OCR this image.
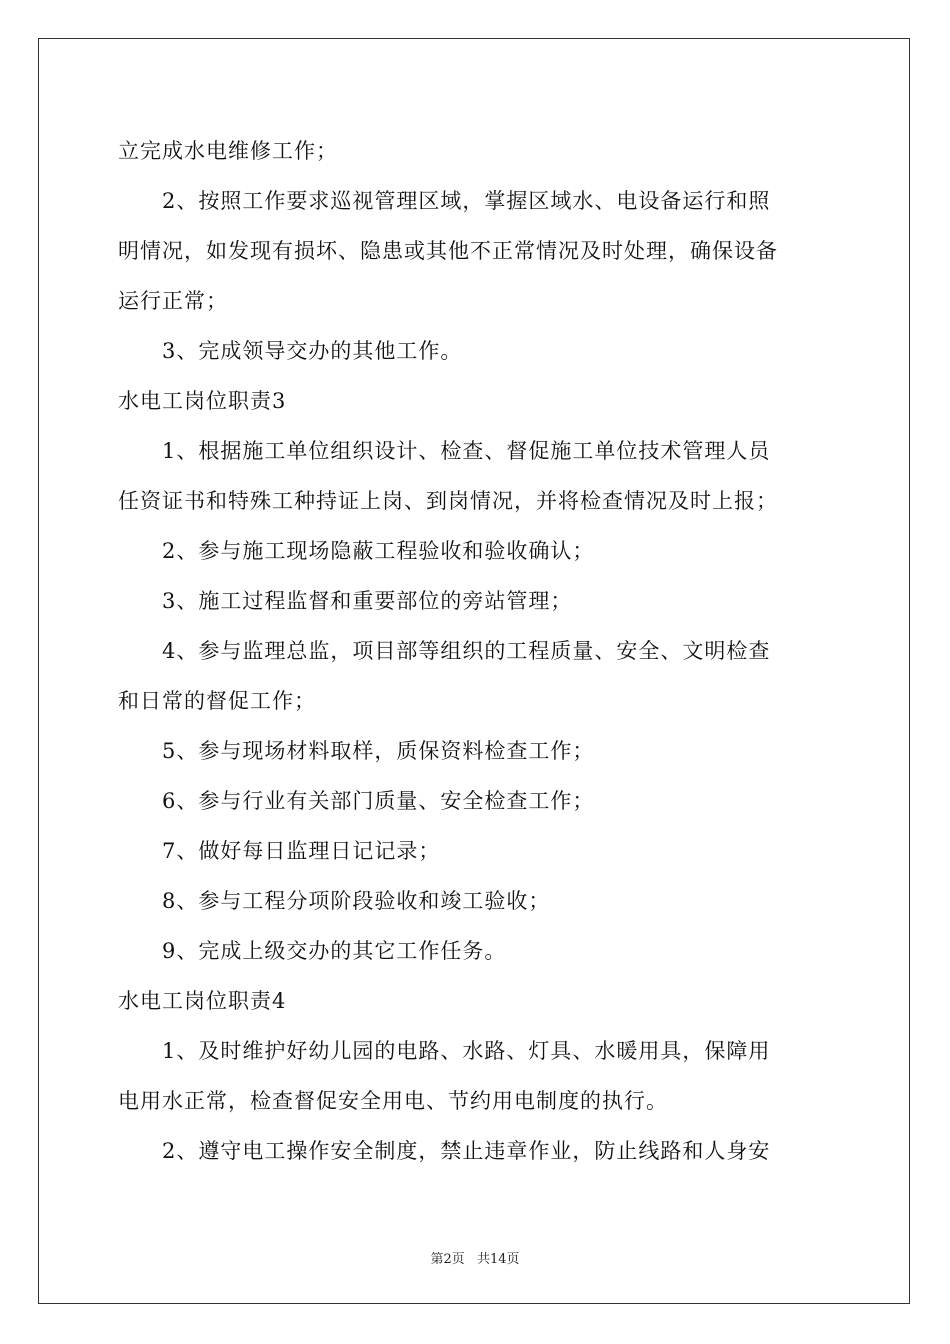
立完成水电维修工作；
2、按照工作要求巡视管理区域，掌握区域水、电设备运行和照
明情况，如发现有损坏、隐患或其他不正常情况及时处理，确保设备
运行正常；
3、完成领导交办的其他工作。
水电工岗位职责3
1、根据施工单位组织设计、检查、督促施工单位技术管理人员
任资证书和特殊工种持证上岗、到岗情况，并将检查情况及时上报；
2、参与施工现场隐蔽工程验收和验收确认；
3、施工过程监督和重要部位的旁站管理；
4、参与监理总监，项目部等组织的工程质量、安全、文明检查
和日常的督促工作；
5、参与现场材料取样，质保资料检查工作；
6、参与行业有关部门质量、安全检查工作；
7、做好每日监理日记记录；
8、参与工程分项阶段验收和竣工验收；
9、完成上级交办的其它工作任务。
水电工岗位职责4
1、及时维护好幼儿园的电路、水路、灯具、水暖用具，保障用
电用水正常，检查督促安全用电、节约用电制度的执行。
2、遵守电工操作安全制度，禁止违章作业，防止线路和人身安
第2页 共14页
